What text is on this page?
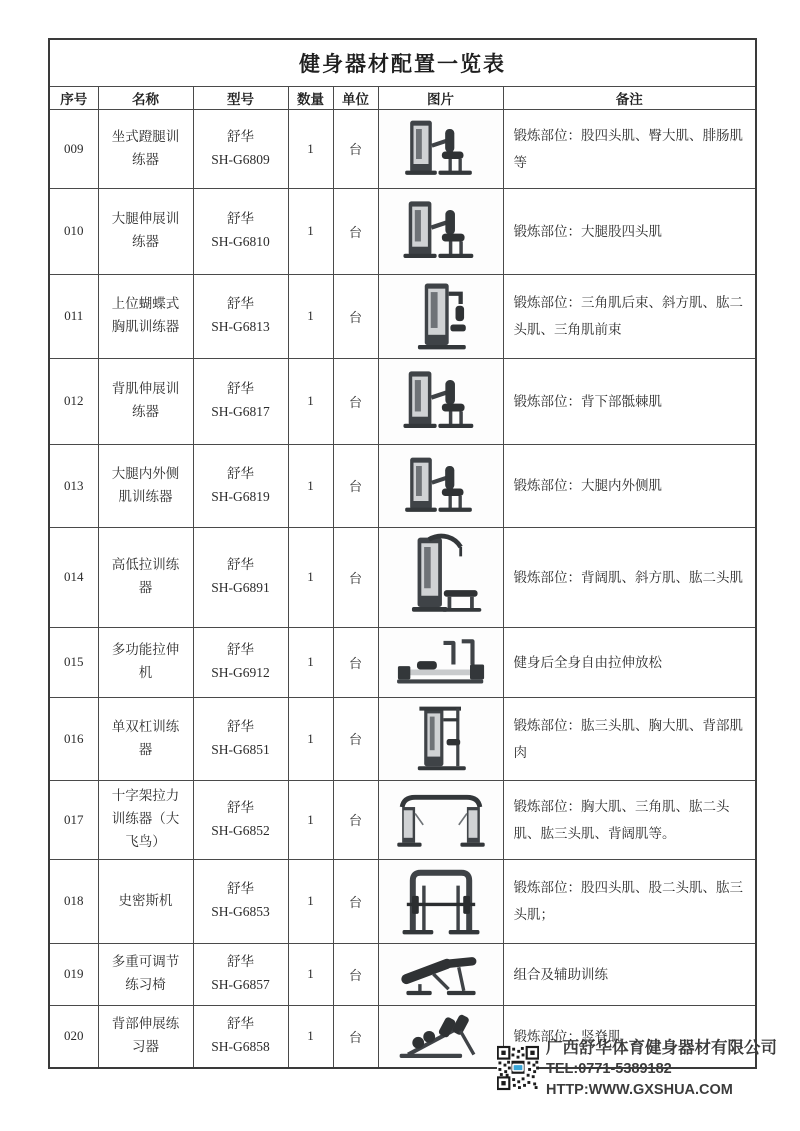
健身器材配置一览表						
序号	名称	型号	数量	单位	图片	备注
009	坐式蹬腿训练器	舒华
SH-G6809	1	台		锻炼部位：股四头肌、臀大肌、腓肠肌等
010	大腿伸展训练器	舒华
SH-G6810	1	台		锻炼部位：大腿股四头肌
011	上位蝴蝶式胸肌训练器	舒华
SH-G6813	1	台		锻炼部位：三角肌后束、斜方肌、肱二头肌、三角肌前束
012	背肌伸展训练器	舒华
SH-G6817	1	台		锻炼部位：背下部骶棘肌
013	大腿内外侧肌训练器	舒华
SH-G6819	1	台		锻炼部位：大腿内外侧肌
014	高低拉训练器	舒华
SH-G6891	1	台		锻炼部位：背阔肌、斜方肌、肱二头肌
015	多功能拉伸机	舒华
SH-G6912	1	台		健身后全身自由拉伸放松
016	单双杠训练器	舒华
SH-G6851	1	台		锻炼部位：肱三头肌、胸大肌、背部肌肉
017	十字架拉力训练器（大飞鸟）	舒华
SH-G6852	1	台		锻炼部位：胸大肌、三角肌、肱二头肌、肱三头肌、背阔肌等。
018	史密斯机	舒华
SH-G6853	1	台		锻炼部位：股四头肌、股二头肌、肱三头肌；
019	多重可调节练习椅	舒华
SH-G6857	1	台		组合及辅助训练
020	背部伸展练习器	舒华
SH-G6858	1	台		锻炼部位：竖脊肌
广西舒华体育健身器材有限公司
TEL:0771-5389182
HTTP:WWW.GXSHUA.COM
